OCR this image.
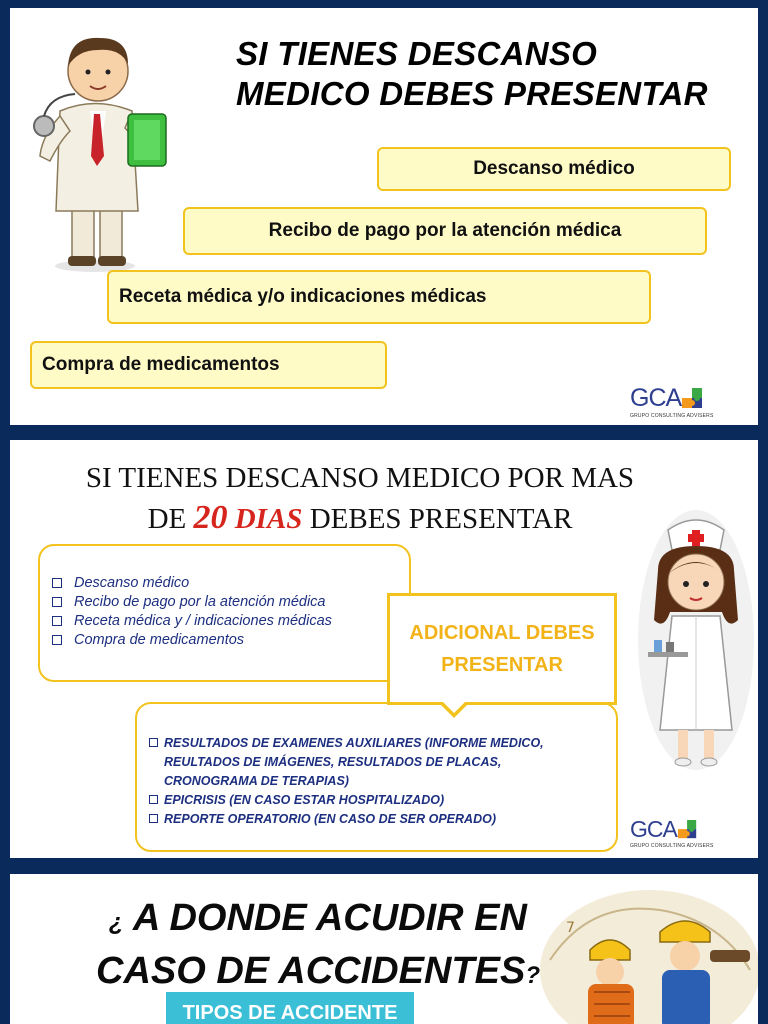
SI TIENES DESCANSO
MEDICO DEBES PRESENTAR
Descanso médico
Recibo de pago por la atención médica
Receta médica y/o indicaciones médicas
Compra de medicamentos
GCA
GRUPO CONSULTING ADVISERS
SI TIENES DESCANSO MEDICO POR MAS
DE 20 DIAS DEBES PRESENTAR
Descanso médico
Recibo de pago por la atención médica
Receta médica y / indicaciones médicas
Compra de medicamentos
RESULTADOS DE EXAMENES AUXILIARES (INFORME MEDICO, REULTADOS DE IMÁGENES, RESULTADOS DE PLACAS, CRONOGRAMA DE TERAPIAS)
EPICRISIS (EN CASO ESTAR HOSPITALIZADO)
REPORTE OPERATORIO (EN CASO DE SER OPERADO)
ADICIONAL DEBES
PRESENTAR
GCA
GRUPO CONSULTING ADVISERS
¿ A DONDE ACUDIR EN
CASO DE ACCIDENTES?
TIPOS DE ACCIDENTE
7
